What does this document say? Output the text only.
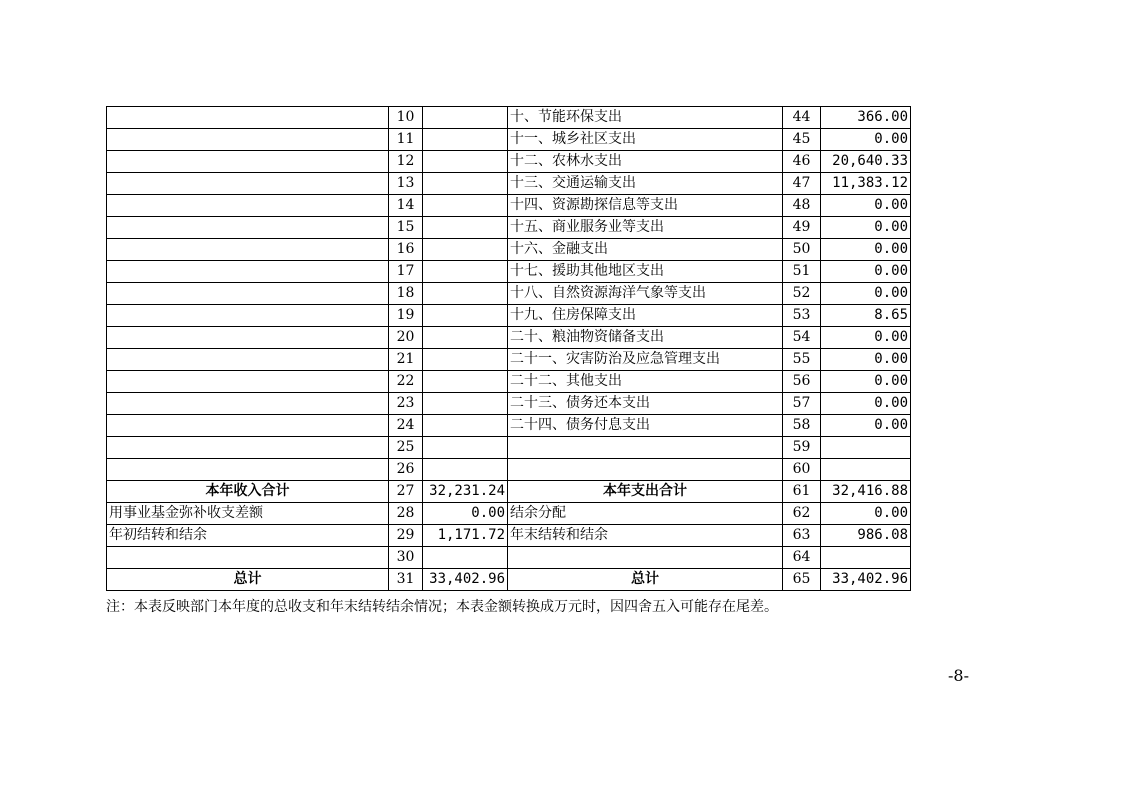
	10		十、节能环保支出	44	366.00
	11		十一、城乡社区支出	45	0.00
	12		十二、农林水支出	46	20,640.33
	13		十三、交通运输支出	47	11,383.12
	14		十四、资源勘探信息等支出	48	0.00
	15		十五、商业服务业等支出	49	0.00
	16		十六、金融支出	50	0.00
	17		十七、援助其他地区支出	51	0.00
	18		十八、自然资源海洋气象等支出	52	0.00
	19		十九、住房保障支出	53	8.65
	20		二十、粮油物资储备支出	54	0.00
	21		二十一、灾害防治及应急管理支出	55	0.00
	22		二十二、其他支出	56	0.00
	23		二十三、债务还本支出	57	0.00
	24		二十四、债务付息支出	58	0.00
	25			59	
	26			60	
本年收入合计	27	32,231.24	本年支出合计	61	32,416.88
用事业基金弥补收支差额	28	0.00	结余分配	62	0.00
年初结转和结余	29	1,171.72	年末结转和结余	63	986.08
	30			64	
总计	31	33,402.96	总计	65	33,402.96
注：本表反映部门本年度的总收支和年末结转结余情况；本表金额转换成万元时，因四舍五入可能存在尾差。
-8-
